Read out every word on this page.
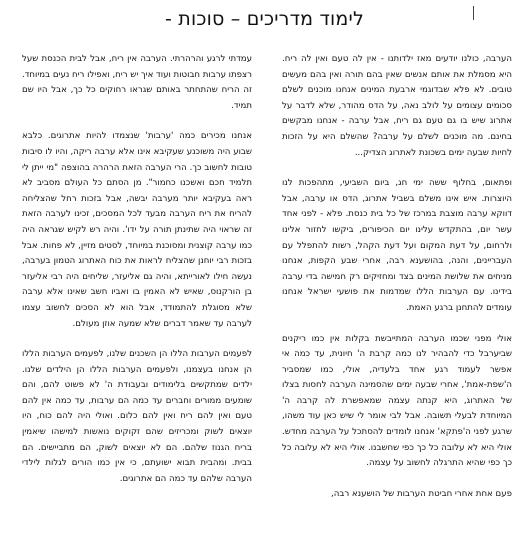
לימוד מדריכים – סוכות -

הערבה, כולנו יודעים מאז ילדותנו - אין לה טעם ואין לה ריח. היא מסמלת את אותם אנשים שאין בהם תורה ואין בהם מעשים טובים. לא פלא שבדוגמי ארבעת המינים אנחנו מוכנים לשלם סכומים עצומים על לולב נאה, על הדס מהודר, שלא לדבר על אתרוג שיש בו גם טעם גם ריח, אבל ערבה - אנחנו מבקשים בחינם. מה מוכנים לשלם על ערבה? שהשלם היא על הזכות לחיות שבעה ימים בשכונת לאתרוג הצדיק...

ופתאום, בחלוף ששה ימי חג, ביום השביעי, מתהפכות לנו היוצרות. איש אינו משלם בשביל אתרוג, הדס או ערבה, אבל דווקא ערבה מוצבת במרכז של כל בית כנסת. פלא - לפני אחד עשר יום, בהתקדש עלינו יום הכיפורים, ביקשו לחזור אלינו ולרחום, על דעת המקום ועל דעת הקהל, רשות להתפלל עם העבריינים, והנה, בהושענא רבה, אחרי שבע הקפות, אנחנו מניחים את שלושת המינים בצד ומחזיקים רק חמישה בדי ערבה בידינו. עם הערבות הללו שמדמות את פושעי ישראל אנחנו עומדים להתחנן ברגע האמת.

אולי מפני שכמו הערבה המתייבשת בקלות אין כמו ריקנים שביערבל כדי להבהיר לנו כמה קרבת ה' חיונית, עד כמה אי אפשר לעמוד רגע אחד בלעדיה, אולי, כמו שמסביר ה'שפת-אמת', אחרי שבעה ימים שהסמינה הערבה לחסות בצלו של האתרוג, היא קנתה עצמה שמאפשרת לה קרבה ה' המיוחדת לבעלי תשובה. אבל לבי אומר לי שיש כאן עוד משהו, שרגע לפני ה'פתקא' אנחנו לומדים להסתכל על הערבה מחדש. אולי היא לא עלובה כל כך כפי שחשבנו. אולי היא לא עלובה כל כך כפי שהיא התרגלה לחשוב על עצמה.

פעם אחת אחרי חביטת הערבות של הושענא רבה,

עמדתי לרגע והרהרתי. הערבה אין ריח, אבל לבית הכנסת שעל רצפתו ערבות חבוטות ועוד איך יש ריח, ואפילו ריח נעים במיוחד. זה הריח שהתחתר באותם שגראו רחוקים כל כך, אבל היו שם תמיד.

אנחנו מכירים כמה 'ערבות' שנצמדו להיות אתרוגים. כלבא שבוע היה משוכנע שעקיבא אינו אלא ערבה ריקה, והיו לו סיבות טובות לחשוב כך. הרי הערבה הזאת הרהרה בהוצפה "מי ייתן לי תלמיד חכם ואשכנו כחמור". מן הסתם כל העולם מסביב לא ראה בעקיבא יותר מערבה יבשה, אבל בזכות רחל שהצליחה להריח את ריח הערבה מבעד לכל המסכים, זכינו לערבה הזאת זה שראוי היה שתינתן תורה על ידו'. והיה רש לקיש שגראה היה כמו ערבה קוצנית ומסוכנת במיוחד, לסטים מזיין, לא פחות. אבל בזכות רבי יוחנן שהצליח לראות את כוח האתרוג הטמון בערבה, נעשה חילו לאורייתא, והיה גם אליעזר, שליחים היה רבי אליעזר בן הורקנוס, שאיש לא האמין בו ואביו חשב שאינו אלא ערבה שלא מסוגלת להתמודד, אבל הוא לא הסכים לחשוב עצמו לערבה עד שאמר דברים שלא שמעה אוזן מעולם.

לפעמים הערבות הללו הן השכנים שלנו, לפעמים הערבות הללו הן אנחנו בעצמנו, ולפעמים הערבות הללו הן הילדים שלנו. ילדים שמתקשים בלימודים ובעבודת ה' לא פשוט להם, והם שומעים ממורים וחברים עד כמה הם ערבות, עד כמה אין להם טעם ואין להם ריח ואין להם כלום. ואולי היה להם כוח, היו יוצאים לשוק ומכריזים שהם זקוקים נואשות למישהו שיאמין בריח הגנוז שלהם. הם לא יוצאים לשוק, הם מתביישים. הם בבית. ומהבית תבוא ישועתם, כי אין כמו הורים לגלות לילדי הערבה שלהם עד כמה הם אתרוגים.
